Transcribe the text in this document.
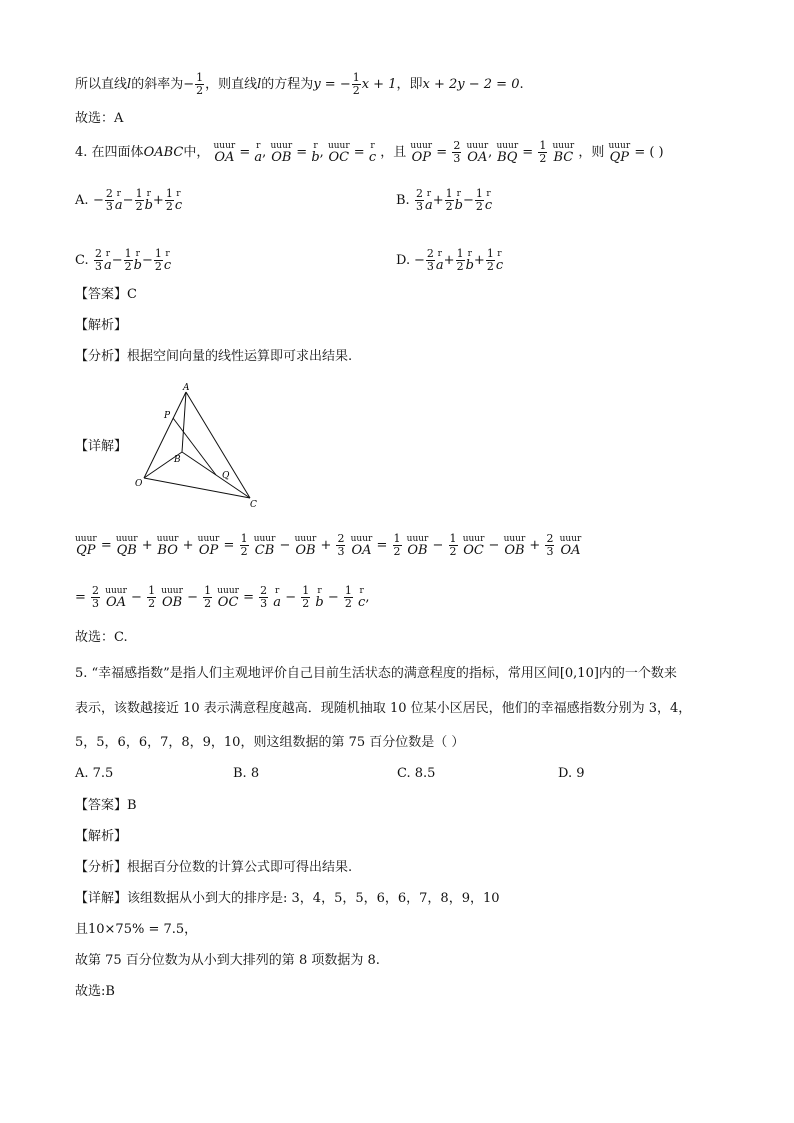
所以直线l的斜率为− $\frac{1}{2}$ ，则直线l的方程为y = − $\frac{1}{2}$ x + 1，即x + 2y − 2 = 0.
故选：A
4. 在四面体OABC中， uuur
OA = r
a , uuur
OB = r
b , uuur
OC = r
c ，且 uuur
OP = $\frac{2}{3}$
uuur
OA , uuur
BQ = $\frac{1}{2}$
uuur
BC ，则 uuur
QP = ( )
A. − $\frac{2}{3}$ r
$a - \frac{1}{2}$ r
$b + \frac{1}{2}$ r
c	B. $\frac{2}{3}$ r
$a + \frac{1}{2}$ r
$b - \frac{1}{2}$ r
c
C. $\frac{2}{3}$ r
$a - \frac{1}{2}$ r
$b - \frac{1}{2}$ r
c	D. − $\frac{2}{3}$ r
$a + \frac{1}{2}$ r
$b + \frac{1}{2}$ r
c
【答案】C
【解析】
【分析】根据空间向量的线性运算即可求出结果.
【详解】
A
P
B
Q
O
C
uuur
QP = uuur
QB + uuur
BO + uuur
OP = $\frac{1}{2}$
uuur
CB − uuur
OB + $\frac{2}{3}$
uuur
OA = $\frac{1}{2}$
uuur
OB − $\frac{1}{2}$
uuur
OC − uuur
OB + $\frac{2}{3}$
uuur
OA
= $\frac{2}{3}$
uuur
OA − $\frac{1}{2}$
uuur
OB − $\frac{1}{2}$
uuur
OC = $\frac{2}{3}$
r
$a - \frac{1}{2}$
r
$b - \frac{1}{2}$
r
c ,
故选：C.
5. “幸福感指数”是指人们主观地评价自己目前生活状态的满意程度的指标，常用区间[0,10]内的一个数来
表示，该数越接近 10 表示满意程度越高．现随机抽取 10 位某小区居民，他们的幸福感指数分别为 3，4，
5，5，6，6，7，8，9，10，则这组数据的第 75 百分位数是（ ）
A. 7.5	B. 8	C. 8.5	D. 9
【答案】B
【解析】
【分析】根据百分位数的计算公式即可得出结果.
【详解】该组数据从小到大的排序是: 3，4，5，5，6，6，7，8，9，10
且10×75% = 7.5，
故第 75 百分位数为从小到大排列的第 8 项数据为 8.
故选:B
